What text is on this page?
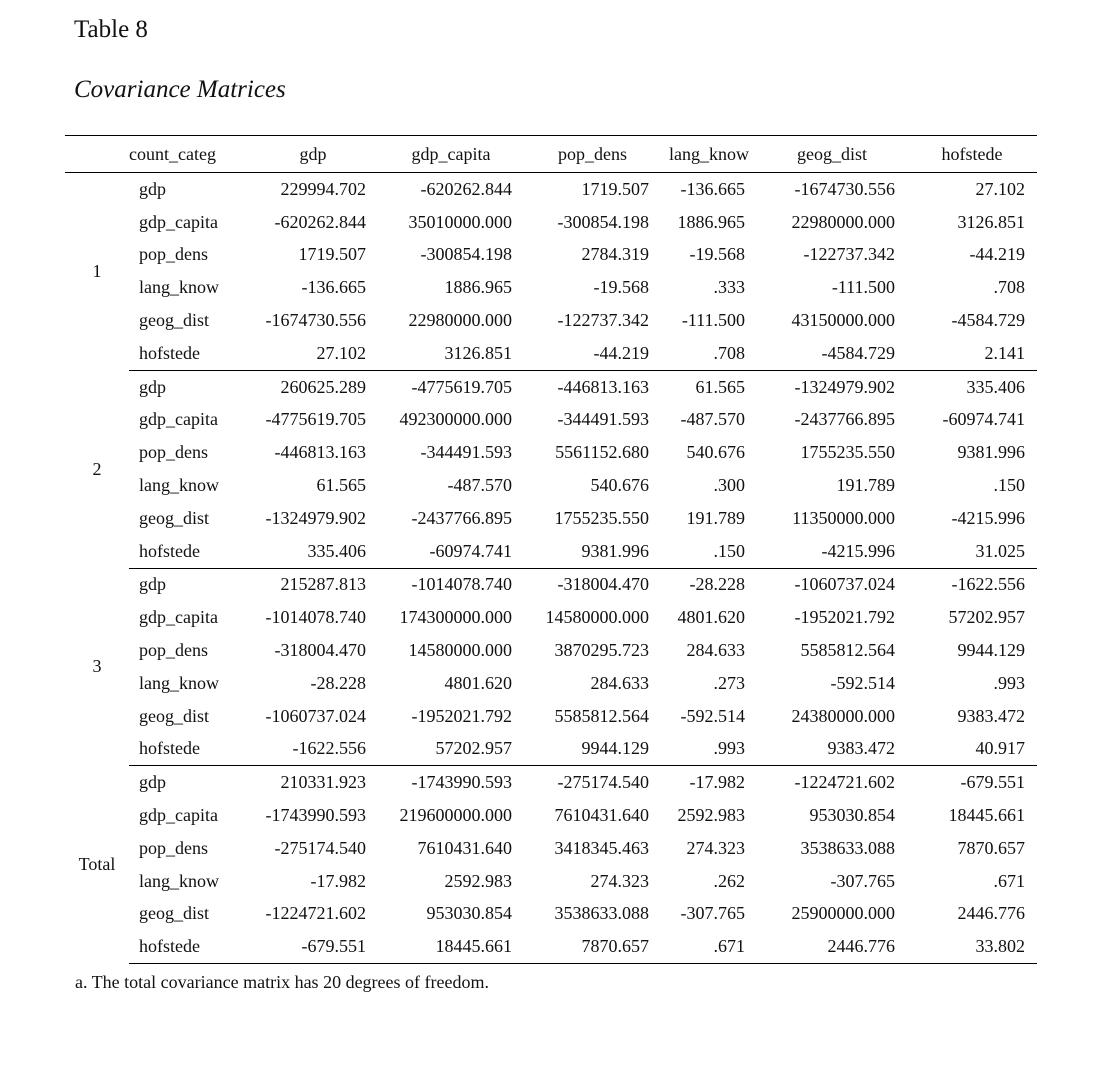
Table 8
Covariance Matrices
	count_categ	gdp	gdp_capita	pop_dens	lang_know	geog_dist	hofstede
1	gdp	229994.702	-620262.844	1719.507	-136.665	-1674730.556	27.102
	gdp_capita	-620262.844	35010000.000	-300854.198	1886.965	22980000.000	3126.851
	pop_dens	1719.507	-300854.198	2784.319	-19.568	-122737.342	-44.219
	lang_know	-136.665	1886.965	-19.568	.333	-111.500	.708
	geog_dist	-1674730.556	22980000.000	-122737.342	-111.500	43150000.000	-4584.729
	hofstede	27.102	3126.851	-44.219	.708	-4584.729	2.141
2	gdp	260625.289	-4775619.705	-446813.163	61.565	-1324979.902	335.406
	gdp_capita	-4775619.705	492300000.000	-344491.593	-487.570	-2437766.895	-60974.741
	pop_dens	-446813.163	-344491.593	5561152.680	540.676	1755235.550	9381.996
	lang_know	61.565	-487.570	540.676	.300	191.789	.150
	geog_dist	-1324979.902	-2437766.895	1755235.550	191.789	11350000.000	-4215.996
	hofstede	335.406	-60974.741	9381.996	.150	-4215.996	31.025
3	gdp	215287.813	-1014078.740	-318004.470	-28.228	-1060737.024	-1622.556
	gdp_capita	-1014078.740	174300000.000	14580000.000	4801.620	-1952021.792	57202.957
	pop_dens	-318004.470	14580000.000	3870295.723	284.633	5585812.564	9944.129
	lang_know	-28.228	4801.620	284.633	.273	-592.514	.993
	geog_dist	-1060737.024	-1952021.792	5585812.564	-592.514	24380000.000	9383.472
	hofstede	-1622.556	57202.957	9944.129	.993	9383.472	40.917
Total	gdp	210331.923	-1743990.593	-275174.540	-17.982	-1224721.602	-679.551
	gdp_capita	-1743990.593	219600000.000	7610431.640	2592.983	953030.854	18445.661
	pop_dens	-275174.540	7610431.640	3418345.463	274.323	3538633.088	7870.657
	lang_know	-17.982	2592.983	274.323	.262	-307.765	.671
	geog_dist	-1224721.602	953030.854	3538633.088	-307.765	25900000.000	2446.776
	hofstede	-679.551	18445.661	7870.657	.671	2446.776	33.802
a. The total covariance matrix has 20 degrees of freedom.
